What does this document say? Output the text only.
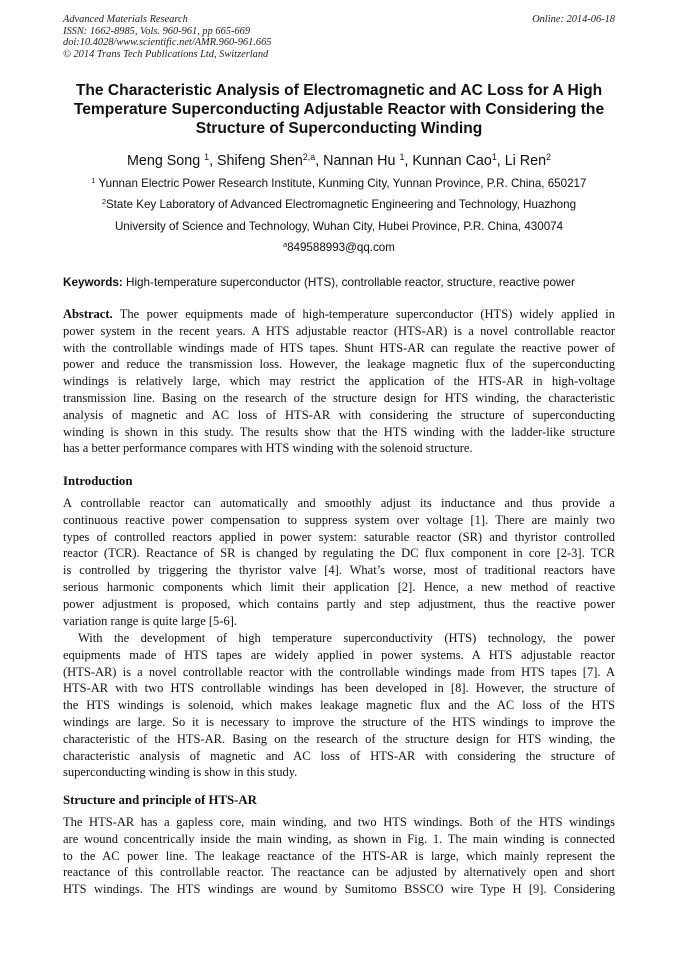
Advanced Materials Research
ISSN: 1662-8985, Vols. 960-961, pp 665-669
doi:10.4028/www.scientific.net/AMR.960-961.665
© 2014 Trans Tech Publications Ltd, Switzerland
Online: 2014-06-18
The Characteristic Analysis of Electromagnetic and AC Loss for A High
Temperature Superconducting Adjustable Reactor with Considering the
Structure of Superconducting Winding
Meng Song $^1$, Shifeng Shen$^{2,a}$, Nannan Hu $^1$, Kunnan Cao$^1$, Li Ren$^2$
$^1$ Yunnan Electric Power Research Institute, Kunming City, Yunnan Province, P.R. China, 650217
$^2$State Key Laboratory of Advanced Electromagnetic Engineering and Technology, Huazhong
University of Science and Technology, Wuhan City, Hubei Province, P.R. China, 430074
$^a$849588993@qq.com
Keywords: High-temperature superconductor (HTS), controllable reactor, structure, reactive power
Abstract. The power equipments made of high-temperature superconductor (HTS) widely applied in
power system in the recent years. A HTS adjustable reactor (HTS-AR) is a novel controllable reactor
with the controllable windings made of HTS tapes. Shunt HTS-AR can regulate the reactive power of
power and reduce the transmission loss. However, the leakage magnetic flux of the superconducting
windings is relatively large, which may restrict the application of the HTS-AR in high-voltage
transmission line. Basing on the research of the structure design for HTS winding, the characteristic
analysis of magnetic and AC loss of HTS-AR with considering the structure of superconducting
winding is shown in this study. The results show that the HTS winding with the ladder-like structure
has a better performance compares with HTS winding with the solenoid structure.
Introduction
A controllable reactor can automatically and smoothly adjust its inductance and thus provide a
continuous reactive power compensation to suppress system over voltage [1]. There are mainly two
types of controlled reactors applied in power system: saturable reactor (SR) and thyristor controlled
reactor (TCR). Reactance of SR is changed by regulating the DC flux component in core [2-3]. TCR
is controlled by triggering the thyristor valve [4]. What’s worse, most of traditional reactors have
serious harmonic components which limit their application [2]. Hence, a new method of reactive
power adjustment is proposed, which contains partly and step adjustment, thus the reactive power
variation range is quite large [5-6].
With the development of high temperature superconductivity (HTS) technology, the power
equipments made of HTS tapes are widely applied in power systems. A HTS adjustable reactor
(HTS-AR) is a novel controllable reactor with the controllable windings made from HTS tapes [7]. A
HTS-AR with two HTS controllable windings has been developed in [8]. However, the structure of
the HTS windings is solenoid, which makes leakage magnetic flux and the AC loss of the HTS
windings are large. So it is necessary to improve the structure of the HTS windings to improve the
characteristic of the HTS-AR. Basing on the research of the structure design for HTS winding, the
characteristic analysis of magnetic and AC loss of HTS-AR with considering the structure of
superconducting winding is show in this study.
Structure and principle of HTS-AR
The HTS-AR has a gapless core, main winding, and two HTS windings. Both of the HTS windings
are wound concentrically inside the main winding, as shown in Fig. 1. The main winding is connected
to the AC power line. The leakage reactance of the HTS-AR is large, which mainly represent the
reactance of this controllable reactor. The reactance can be adjusted by alternatively open and short
HTS windings. The HTS windings are wound by Sumitomo BSSCO wire Type H [9]. Considering
